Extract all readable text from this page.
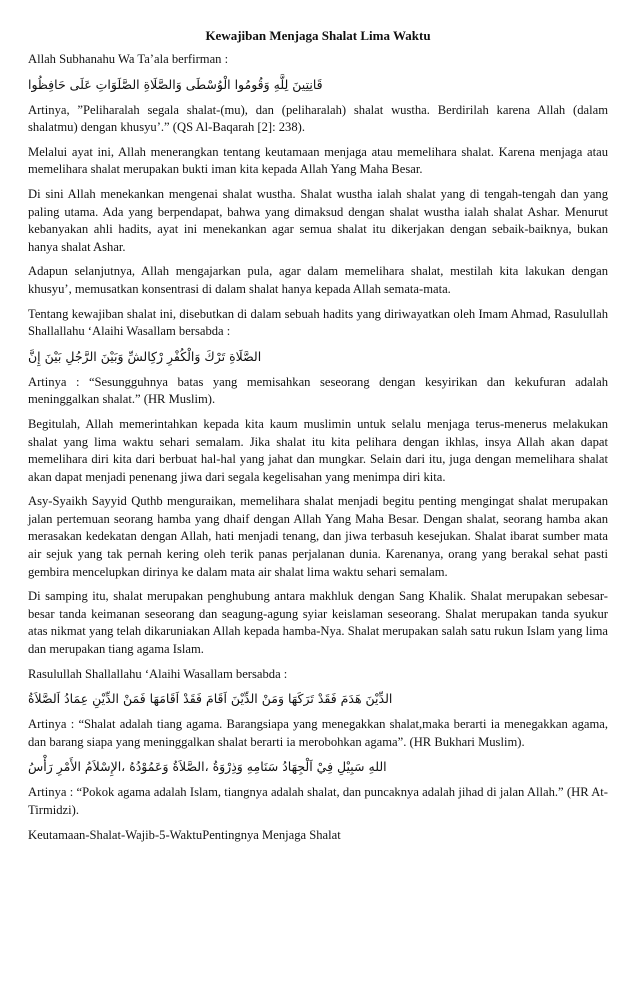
Kewajiban Menjaga Shalat Lima Waktu

Allah Subhanahu Wa Ta’ala berfirman :

قَانِتِينَ لِلَّهِ وَقُومُوا الْوُسْطَى وَالصَّلَاةِ الصَّلَوَاتِ عَلَى حَافِظُوا

Artinya, ”Peliharalah segala shalat-(mu), dan (peliharalah) shalat wustha. Berdirilah karena Allah (dalam shalatmu) dengan khusyu’.” (QS Al-Baqarah [2]: 238).

Melalui ayat ini, Allah menerangkan tentang keutamaan menjaga atau memelihara shalat. Karena menjaga atau memelihara shalat merupakan bukti iman kita kepada Allah Yang Maha Besar.

Di sini Allah menekankan mengenai shalat wustha. Shalat wustha ialah shalat yang di tengah-tengah dan yang paling utama. Ada yang berpendapat, bahwa yang dimaksud dengan shalat wustha ialah shalat Ashar. Menurut kebanyakan ahli hadits, ayat ini menekankan agar semua shalat itu dikerjakan dengan sebaik-baiknya, bukan hanya shalat Ashar.

Adapun selanjutnya, Allah mengajarkan pula, agar dalam memelihara shalat, mestilah kita lakukan dengan khusyu’, memusatkan konsentrasi di dalam shalat hanya kepada Allah semata-mata.

Tentang kewajiban shalat ini, disebutkan di dalam sebuah hadits yang diriwayatkan oleh Imam Ahmad, Rasulullah Shallallahu ‘Alaihi Wasallam bersabda :

الصَّلَاةِ تَرْكَ وَالْكُفْرِ رْكِالشِّ وَبَيْنَ الرَّجُلِ بَيْنَ إِنَّ

Artinya : “Sesungguhnya batas yang memisahkan seseorang dengan kesyirikan dan kekufuran adalah meninggalkan shalat.” (HR Muslim).

Begitulah, Allah memerintahkan kepada kita kaum muslimin untuk selalu menjaga terus-menerus melakukan shalat yang lima waktu sehari semalam. Jika shalat itu kita pelihara dengan ikhlas, insya Allah akan dapat memelihara diri kita dari berbuat hal-hal yang jahat dan mungkar. Selain dari itu, juga dengan memelihara shalat akan dapat menjadi penenang jiwa dari segala kegelisahan yang menimpa diri kita.

Asy-Syaikh Sayyid Quthb menguraikan, memelihara shalat menjadi begitu penting mengingat shalat merupakan jalan pertemuan seorang hamba yang dhaif dengan Allah Yang Maha Besar. Dengan shalat, seorang hamba akan merasakan kedekatan dengan Allah, hati menjadi tenang, dan jiwa terbasuh kesejukan. Shalat ibarat sumber mata air sejuk yang tak pernah kering oleh terik panas perjalanan dunia. Karenanya, orang yang berakal sehat pasti gembira mencelupkan dirinya ke dalam mata air shalat lima waktu sehari semalam.

Di samping itu, shalat merupakan penghubung antara makhluk dengan Sang Khalik. Shalat merupakan sebesar-besar tanda keimanan seseorang dan seagung-agung syiar keislaman seseorang. Shalat merupakan tanda syukur atas nikmat yang telah dikaruniakan Allah kepada hamba-Nya. Shalat merupakan salah satu rukun Islam yang lima dan merupakan tiang agama Islam.

Rasulullah Shallallahu ‘Alaihi Wasallam bersabda :

الدِّيْنَ هَدَمَ فَقَدْ تَرَكَهَا وَمَنْ الدِّيْنَ اَقَامَ فَقَدْ اَقَامَهَا فَمَنْ الدِّيْنِ عِمَادُ اَلصَّلاَةُ

Artinya : “Shalat adalah tiang agama. Barangsiapa yang menegakkan shalat,maka berarti ia menegakkan agama, dan barang siapa yang meninggalkan shalat berarti ia merobohkan agama”. (HR Bukhari Muslim).

اللهِ سَبِيْلِ فِيْ اَلْجِهَادُ سَنَامِهِ وَذِرْوَةُ ،الصَّلاَةُ وَعَمُوْدُهُ ،الإِسْلاَمُ الأَمْرِ رَأْسُ

Artinya : “Pokok agama adalah Islam, tiangnya adalah shalat, dan puncaknya adalah jihad di jalan Allah.” (HR At-Tirmidzi).

Keutamaan-Shalat-Wajib-5-WaktuPentingnya Menjaga Shalat
